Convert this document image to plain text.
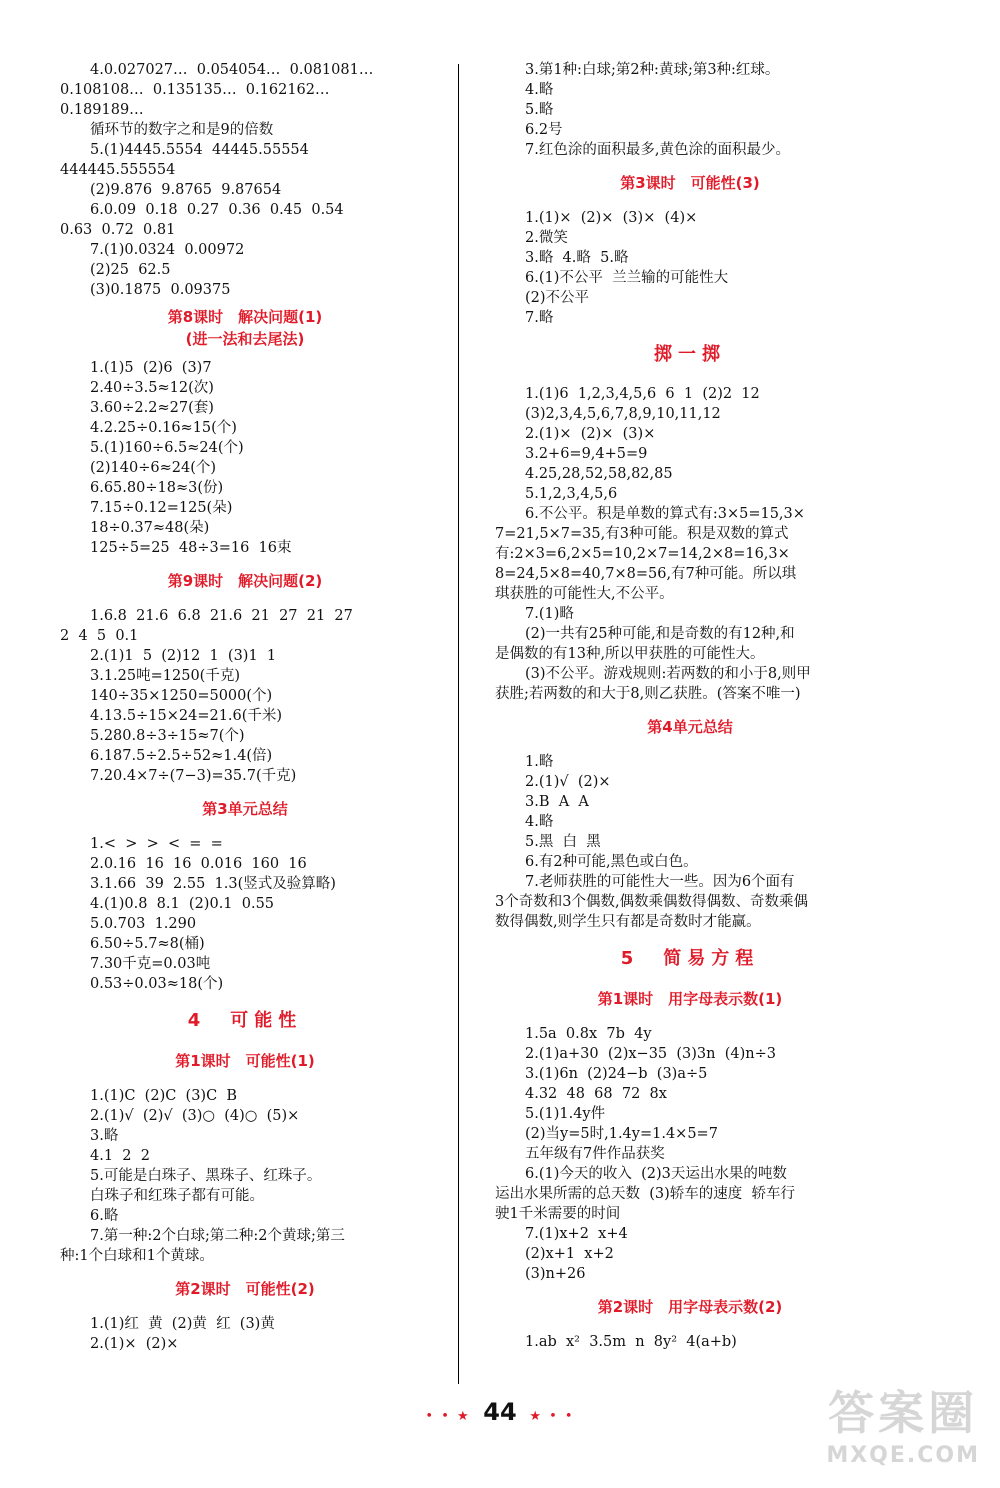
4.0.027027…  0.054054…  0.081081…
0.108108…  0.135135…  0.162162…
0.189189…
循环节的数字之和是9的倍数
5.(1)4445.5554  44445.55554
444445.555554
(2)9.876  9.8765  9.87654
6.0.09  0.18  0.27  0.36  0.45  0.54
0.63  0.72  0.81
7.(1)0.0324  0.00972
(2)25  62.5
(3)0.1875  0.09375
第8课时　解决问题(1)
(进一法和去尾法)
1.(1)5  (2)6  (3)7
2.40÷3.5≈12(次)
3.60÷2.2≈27(套)
4.2.25÷0.16≈15(个)
5.(1)160÷6.5≈24(个)
(2)140÷6≈24(个)
6.65.80÷18≈3(份)
7.15÷0.12=125(朵)
18÷0.37≈48(朵)
125÷5=25  48÷3=16  16束
第9课时　解决问题(2)
1.6.8  21.6  6.8  21.6  21  27  21  27
2  4  5  0.1
2.(1)1  5  (2)12  1  (3)1  1
3.1.25吨=1250(千克)
140÷35×1250=5000(个)
4.13.5÷15×24=21.6(千米)
5.280.8÷3÷15≈7(个)
6.187.5÷2.5÷52≈1.4(倍)
7.20.4×7÷(7−3)=35.7(千克)
第3单元总结
1.<  >  >  <  =  =
2.0.16  16  16  0.016  160  16
3.1.66  39  2.55  1.3(竖式及验算略)
4.(1)0.8  8.1  (2)0.1  0.55
5.0.703  1.290
6.50÷5.7≈8(桶)
7.30千克=0.03吨
0.53÷0.03≈18(个)
4　可能性
第1课时　可能性(1)
1.(1)C  (2)C  (3)C  B
2.(1)√  (2)√  (3)○  (4)○  (5)×
3.略
4.1  2  2
5.可能是白珠子、黑珠子、红珠子。
白珠子和红珠子都有可能。
6.略
7.第一种:2个白球;第二种:2个黄球;第三
种:1个白球和1个黄球。
第2课时　可能性(2)
1.(1)红  黄  (2)黄  红  (3)黄
2.(1)×  (2)×
3.第1种:白球;第2种:黄球;第3种:红球。
4.略
5.略
6.2号
7.红色涂的面积最多,黄色涂的面积最少。
第3课时　可能性(3)
1.(1)×  (2)×  (3)×  (4)×
2.微笑
3.略  4.略  5.略
6.(1)不公平  兰兰输的可能性大
(2)不公平
7.略
掷一掷
1.(1)6  1,2,3,4,5,6  6  1  (2)2  12
(3)2,3,4,5,6,7,8,9,10,11,12
2.(1)×  (2)×  (3)×
3.2+6=9,4+5=9
4.25,28,52,58,82,85
5.1,2,3,4,5,6
6.不公平。积是单数的算式有:3×5=15,3×
7=21,5×7=35,有3种可能。积是双数的算式
有:2×3=6,2×5=10,2×7=14,2×8=16,3×
8=24,5×8=40,7×8=56,有7种可能。所以琪
琪获胜的可能性大,不公平。
7.(1)略
(2)一共有25种可能,和是奇数的有12种,和
是偶数的有13种,所以甲获胜的可能性大。
(3)不公平。游戏规则:若两数的和小于8,则甲
获胜;若两数的和大于8,则乙获胜。(答案不唯一)
第4单元总结
1.略
2.(1)√  (2)×
3.B  A  A
4.略
5.黑  白  黑
6.有2种可能,黑色或白色。
7.老师获胜的可能性大一些。因为6个面有
3个奇数和3个偶数,偶数乘偶数得偶数、奇数乘偶
数得偶数,则学生只有都是奇数时才能赢。
5　简易方程
第1课时　用字母表示数(1)
1.5a  0.8x  7b  4y
2.(1)a+30  (2)x−35  (3)3n  (4)n÷3
3.(1)6n  (2)24−b  (3)a÷5
4.32  48  68  72  8x
5.(1)1.4y件
(2)当y=5时,1.4y=1.4×5=7
五年级有7件作品获奖
6.(1)今天的收入  (2)3天运出水果的吨数
运出水果所需的总天数  (3)轿车的速度  轿车行
驶1千米需要的时间
7.(1)x+2  x+4
(2)x+1  x+2
(3)n+26
第2课时　用字母表示数(2)
1.ab  x²  3.5m  n  8y²  4(a+b)
• • ★ 44 ★ • •	答案圈
MXQE.COM
